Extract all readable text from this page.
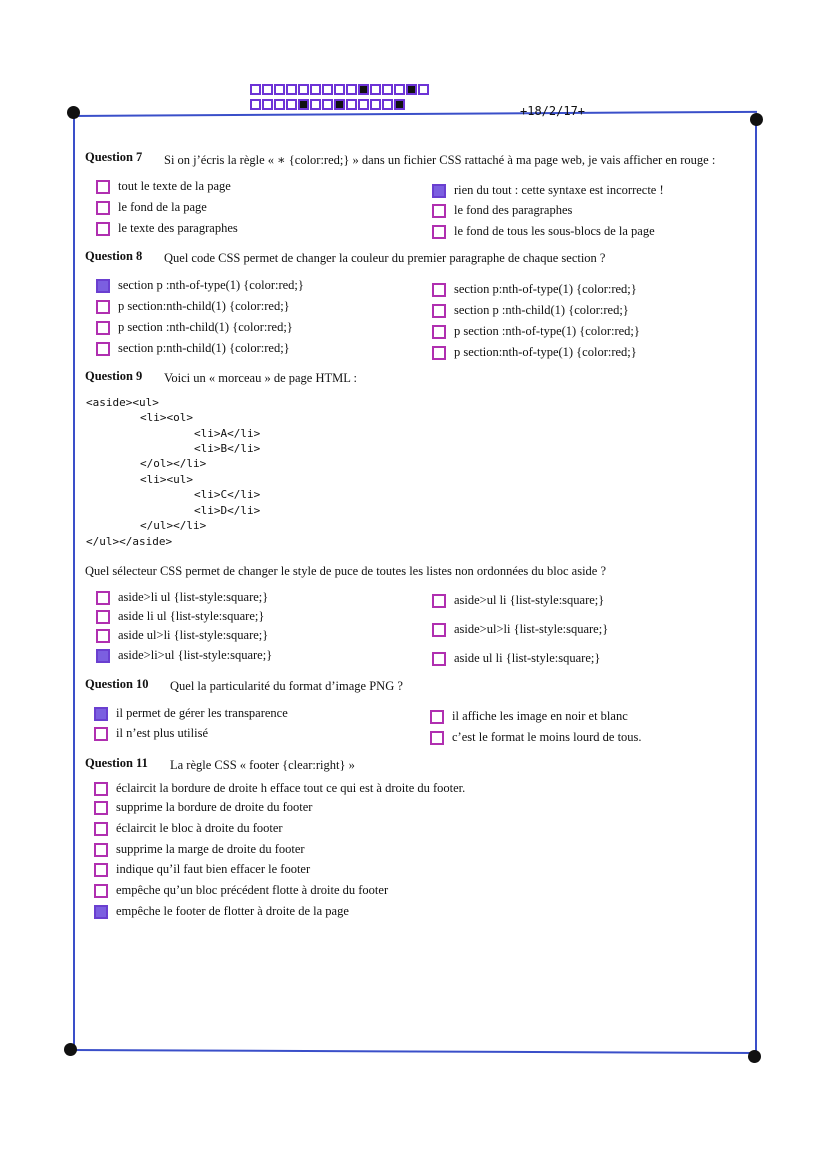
+18/2/17+
Question 7 Si on j’écris la règle « ∗ {color:red;} » dans un fichier CSS rattaché à ma page web, je vais afficher en rouge :
tout le texte de la page
le fond de la page
le texte des paragraphes
rien du tout : cette syntaxe est incorrecte !
le fond des paragraphes
le fond de tous les sous-blocs de la page
Question 8 Quel code CSS permet de changer la couleur du premier paragraphe de chaque section ?
section p :nth-of-type(1) {color:red;}
p section:nth-child(1) {color:red;}
p section :nth-child(1) {color:red;}
section p:nth-child(1) {color:red;}
section p:nth-of-type(1) {color:red;}
section p :nth-child(1) {color:red;}
p section :nth-of-type(1) {color:red;}
p section:nth-of-type(1) {color:red;}
Question 9 Voici un « morceau » de page HTML :
<aside><ul>
<li><ol>
<li>A</li>
<li>B</li>
</ol></li>
<li><ul>
<li>C</li>
<li>D</li>
</ul></li>
</ul></aside>
Quel sélecteur CSS permet de changer le style de puce de toutes les listes non ordonnées du bloc aside ?
aside>li ul {list-style:square;}
aside li ul {list-style:square;}
aside ul>li {list-style:square;}
aside>li>ul {list-style:square;}
aside>ul li {list-style:square;}
aside>ul>li {list-style:square;}
aside ul li {list-style:square;}
Question 10 Quel la particularité du format d’image PNG ?
il permet de gérer les transparence
il n’est plus utilisé
il affiche les image en noir et blanc
c’est le format le moins lourd de tous.
Question 11 La règle CSS « footer {clear:right} »
éclaircit la bordure de droite h efface tout ce qui est à droite du footer.
supprime la bordure de droite du footer
éclaircit le bloc à droite du footer
supprime la marge de droite du footer
indique qu’il faut bien effacer le footer
empêche qu’un bloc précédent flotte à droite du footer
empêche le footer de flotter à droite de la page
